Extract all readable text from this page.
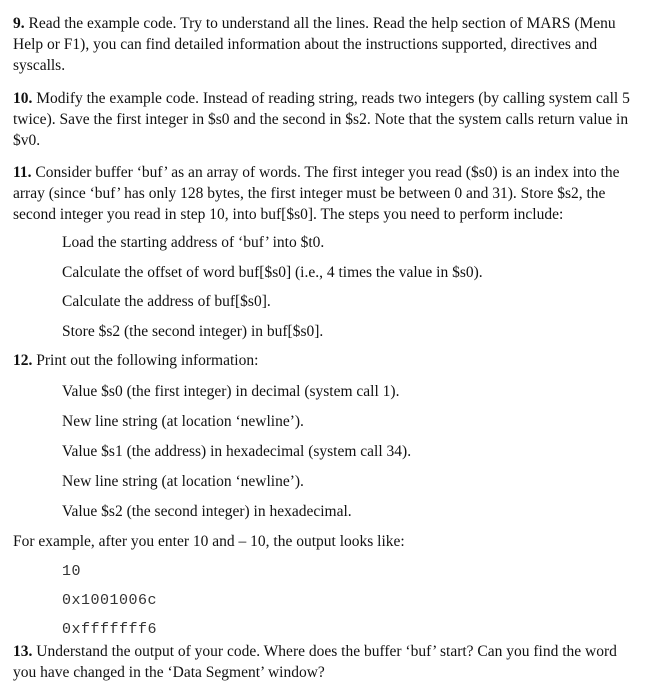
9. Read the example code. Try to understand all the lines. Read the help section of MARS (Menu Help or F1), you can find detailed information about the instructions supported, directives and syscalls.

10. Modify the example code. Instead of reading string, reads two integers (by calling system call 5 twice). Save the first integer in $s0 and the second in $s2. Note that the system calls return value in $v0.

11. Consider buffer ‘buf’ as an array of words. The first integer you read ($s0) is an index into the array (since ‘buf’ has only 128 bytes, the first integer must be between 0 and 31). Store $s2, the second integer you read in step 10, into buf[$s0]. The steps you need to perform include:

Load the starting address of ‘buf’ into $t0.

Calculate the offset of word buf[$s0] (i.e., 4 times the value in $s0).

Calculate the address of buf[$s0].

Store $s2 (the second integer) in buf[$s0].

12. Print out the following information:

Value $s0 (the first integer) in decimal (system call 1).

New line string (at location ‘newline’).

Value $s1 (the address) in hexadecimal (system call 34).

New line string (at location ‘newline’).

Value $s2 (the second integer) in hexadecimal.

For example, after you enter 10 and – 10, the output looks like:

10

0x1001006c

0xfffffff6

13. Understand the output of your code. Where does the buffer ‘buf’ start? Can you find the word you have changed in the ‘Data Segment’ window?
